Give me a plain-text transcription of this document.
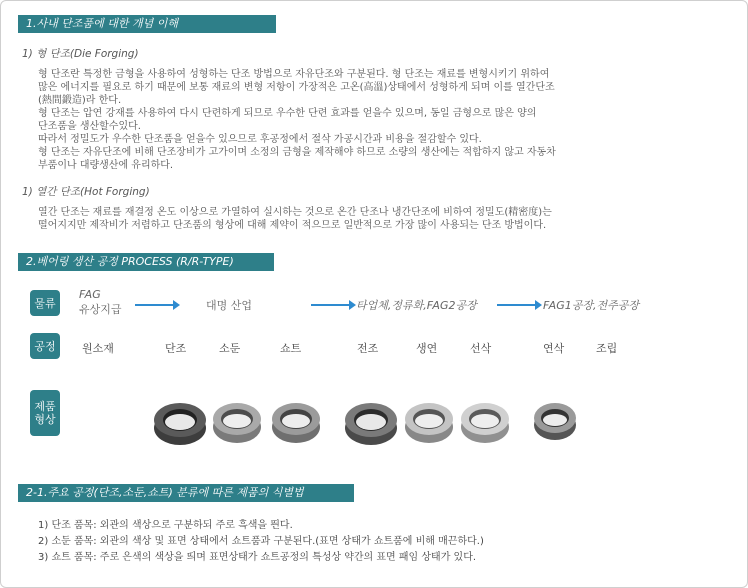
1.사내 단조품에 대한 개념 이해
1) 형 단조(Die Forging)

형 단조란 특정한 금형을 사용하여 성형하는 단조 방법으로 자유단조와 구분된다. 형 단조는 재료를 변형시키기 위하여

많은 에너지를 필요로 하기 때문에 보통 재료의 변형 저항이 가장적은 고온(高溫)상태에서 성형하게 되며 이를 열간단조

(熱間鍛造)라 한다.

형 단조는 압연 강재를 사용하여 다시 단련하게 되므로 우수한 단련 효과를 얻을수 있으며, 동일 금형으로 많은 양의

단조품을 생산할수있다.

따라서 정밀도가 우수한 단조품을 얻을수 있으므로 후공정에서 절삭 가공시간과 비용을 절감할수 있다.

형 단조는 자유단조에 비해 단조장비가 고가이며 소정의 금형을 제작해야 하므로 소량의 생산에는 적합하지 않고 자동차

부품이나 대량생산에 유리하다.

1) 열간 단조(Hot Forging)

열간 단조는 재료를 재결정 온도 이상으로 가열하여 실시하는 것으로 온간 단조나 냉간단조에 비하여 정밀도(精密度)는

떨어지지만 제작비가 저렴하고 단조품의 형상에 대해 제약이 적으므로 일반적으로 가장 많이 사용되는 단조 방법이다.

2.베어링 생산 공정 PROCESS (R/R-TYPE)
물류
공정
제품
형상
FAG
유상지급	대명 산업	타업체,정류화,FAG2공장	FAG1공장,전주공장
원소재	단조	소둔	쇼트	전조	생연	선삭	연삭	조립
2-1.주요 공정(단조,소둔,쇼트) 분류에 따른 제품의 식별법
1) 단조 품목: 외관의 색상으로 구분하되 주로 흑색을 띈다.
2) 소둔 품목: 외관의 색상 및 표면 상태에서 쇼트품과 구분된다.(표면 상태가 쇼트품에 비해 매끈하다.)
3) 쇼트 품목: 주로 은색의 색상을 띄며 표면상태가 쇼트공정의 특성상 약간의 표면 패임 상태가 있다.
